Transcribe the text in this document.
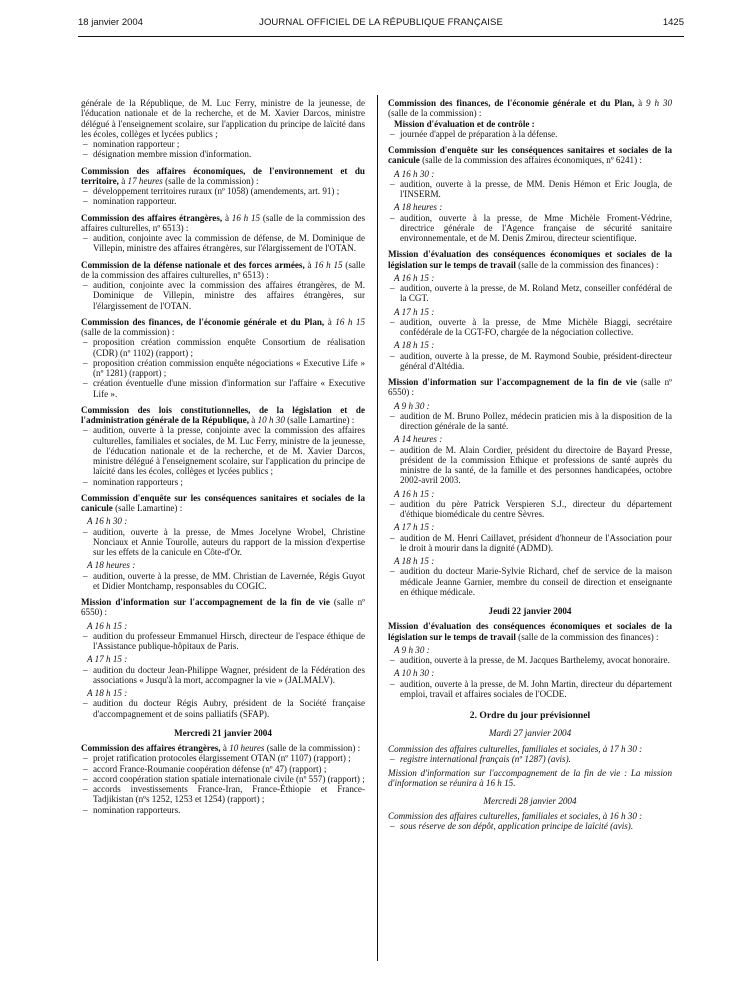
18 janvier 2004	JOURNAL OFFICIEL DE LA RÉPUBLIQUE FRANÇAISE	1425

générale de la République, de M. Luc Ferry, ministre de la jeunesse, de l'éducation nationale et de la recherche, et de M. Xavier Darcos, ministre délégué à l'enseignement scolaire, sur l'application du principe de laïcité dans les écoles, collèges et lycées publics ;

– nomination rapporteur ;
– désignation membre mission d'information.

Commission des affaires économiques, de l'environnement et du territoire, à 17 heures (salle de la commission) :

– développement territoires ruraux (nº 1058) (amendements, art. 91) ;
– nomination rapporteur.

Commission des affaires étrangères, à 16 h 15 (salle de la commission des affaires culturelles, nº 6513) :

– audition, conjointe avec la commission de défense, de M. Dominique de Villepin, ministre des affaires étrangères, sur l'élargissement de l'OTAN.

Commission de la défense nationale et des forces armées, à 16 h 15 (salle de la commission des affaires culturelles, nº 6513) :

– audition, conjointe avec la commission des affaires étrangères, de M. Dominique de Villepin, ministre des affaires étrangères, sur l'élargissement de l'OTAN.

Commission des finances, de l'économie générale et du Plan, à 16 h 15 (salle de la commission) :

– proposition création commission enquête Consortium de réalisation (CDR) (nº 1102) (rapport) ;
– proposition création commission enquête négociations « Executive Life » (nº 1281) (rapport) ;
– création éventuelle d'une mission d'information sur l'affaire « Executive Life ».

Commission des lois constitutionnelles, de la législation et de l'administration générale de la République, à 10 h 30 (salle Lamartine) :

– audition, ouverte à la presse, conjointe avec la commission des affaires culturelles, familiales et sociales, de M. Luc Ferry, ministre de la jeunesse, de l'éducation nationale et de la recherche, et de M. Xavier Darcos, ministre délégué à l'enseignement scolaire, sur l'application du principe de laïcité dans les écoles, collèges et lycées publics ;
– nomination rapporteurs ;

Commission d'enquête sur les conséquences sanitaires et sociales de la canicule (salle Lamartine) :

A 16 h 30 :

– audition, ouverte à la presse, de Mmes Jocelyne Wrobel, Christine Nonciaux et Annie Tourolle, auteurs du rapport de la mission d'expertise sur les effets de la canicule en Côte-d'Or.

A 18 heures :

– audition, ouverte à la presse, de MM. Christian de Lavernée, Régis Guyot et Didier Montchamp, responsables du COGIC.

Mission d'information sur l'accompagnement de la fin de vie (salle nº 6550) :

A 16 h 15 :

– audition du professeur Emmanuel Hirsch, directeur de l'espace éthique de l'Assistance publique-hôpitaux de Paris.

A 17 h 15 :

– audition du docteur Jean-Philippe Wagner, président de la Fédération des associations « Jusqu'à la mort, accompagner la vie » (JALMALV).

A 18 h 15 :

– audition du docteur Régis Aubry, président de la Société française d'accompagnement et de soins palliatifs (SFAP).

Mercredi 21 janvier 2004

Commission des affaires étrangères, à 10 heures (salle de la commission) :

– projet ratification protocoles élargissement OTAN (nº 1107) (rapport) ;
– accord France-Roumanie coopération défense (nº 47) (rapport) ;
– accord coopération station spatiale internationale civile (nº 557) (rapport) ;
– accords investissements France-Iran, France-Éthiopie et France-Tadjikistan (nºs 1252, 1253 et 1254) (rapport) ;
– nomination rapporteurs.

Commission des finances, de l'économie générale et du Plan, à 9 h 30 (salle de la commission) :

Mission d'évaluation et de contrôle :

– journée d'appel de préparation à la défense.

Commission d'enquête sur les conséquences sanitaires et sociales de la canicule (salle de la commission des affaires économiques, nº 6241) :

A 16 h 30 :

– audition, ouverte à la presse, de MM. Denis Hémon et Eric Jougla, de l'INSERM.

A 18 heures :

– audition, ouverte à la presse, de Mme Michèle Froment-Védrine, directrice générale de l'Agence française de sécurité sanitaire environnementale, et de M. Denis Zmirou, directeur scientifique.

Mission d'évaluation des conséquences économiques et sociales de la législation sur le temps de travail (salle de la commission des finances) :

A 16 h 15 :

– audition, ouverte à la presse, de M. Roland Metz, conseiller confédéral de la CGT.

A 17 h 15 :

– audition, ouverte à la presse, de Mme Michèle Biaggi, secrétaire confédérale de la CGT-FO, chargée de la négociation collective.

A 18 h 15 :

– audition, ouverte à la presse, de M. Raymond Soubie, président-directeur général d'Altédia.

Mission d'information sur l'accompagnement de la fin de vie (salle nº 6550) :

A 9 h 30 :

– audition de M. Bruno Pollez, médecin praticien mis à la disposition de la direction générale de la santé.

A 14 heures :

– audition de M. Alain Cordier, président du directoire de Bayard Presse, président de la commission Ethique et professions de santé auprès du ministre de la santé, de la famille et des personnes handicapées, octobre 2002-avril 2003.

A 16 h 15 :

– audition du père Patrick Verspieren S.J., directeur du département d'éthique biomédicale du centre Sèvres.

A 17 h 15 :

– audition de M. Henri Caillavet, président d'honneur de l'Association pour le droit à mourir dans la dignité (ADMD).

A 18 h 15 :

– audition du docteur Marie-Sylvie Richard, chef de service de la maison médicale Jeanne Garnier, membre du conseil de direction et enseignante en éthique médicale.

Jeudi 22 janvier 2004

Mission d'évaluation des conséquences économiques et sociales de la législation sur le temps de travail (salle de la commission des finances) :

A 9 h 30 :

– audition, ouverte à la presse, de M. Jacques Barthelemy, avocat honoraire.

A 10 h 30 :

– audition, ouverte à la presse, de M. John Martin, directeur du département emploi, travail et affaires sociales de l'OCDE.

2. Ordre du jour prévisionnel

Mardi 27 janvier 2004

Commission des affaires culturelles, familiales et sociales, à 17 h 30 :

– registre international français (nº 1287) (avis).

Mission d'information sur l'accompagnement de la fin de vie : La mission d'information se réunira à 16 h 15.

Mercredi 28 janvier 2004

Commission des affaires culturelles, familiales et sociales, à 16 h 30 :

– sous réserve de son dépôt, application principe de laïcité (avis).
